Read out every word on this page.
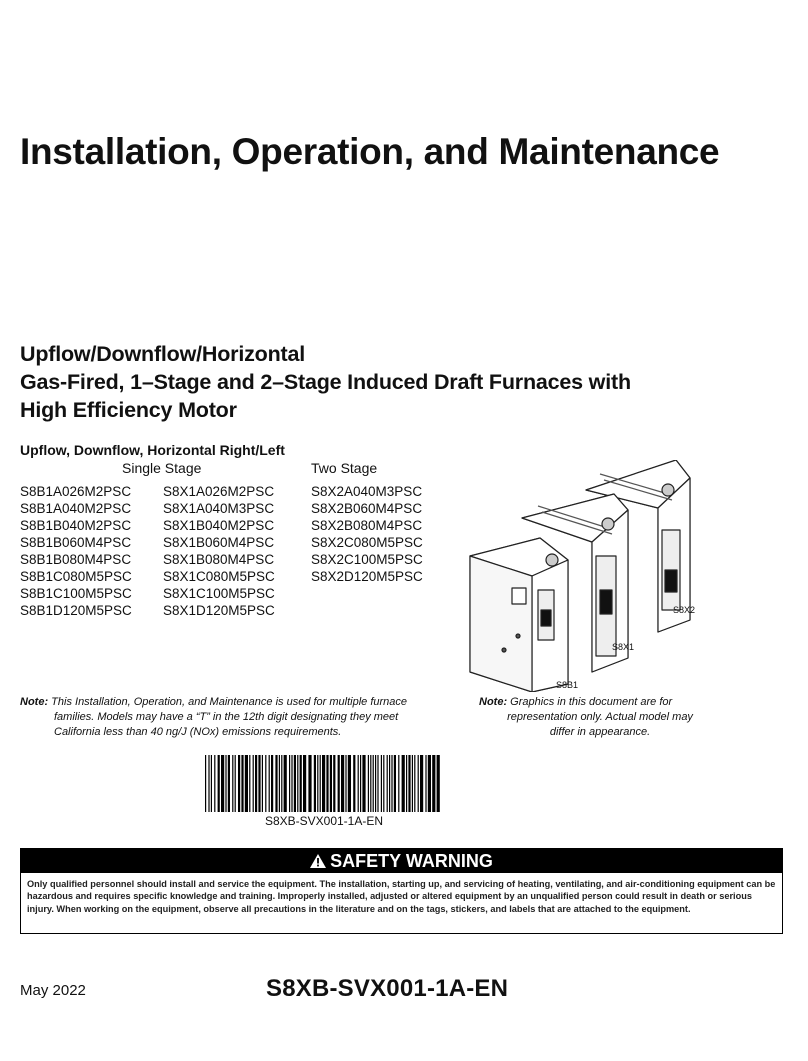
Installation, Operation, and Maintenance
Upflow/Downflow/Horizontal
Gas-Fired, 1–Stage and 2–Stage Induced Draft Furnaces with
High Efficiency Motor
Upflow, Downflow, Horizontal Right/Left
Single Stage	Two Stage
S8B1A026M2PSC
S8B1A040M2PSC
S8B1B040M2PSC
S8B1B060M4PSC
S8B1B080M4PSC
S8B1C080M5PSC
S8B1C100M5PSC
S8B1D120M5PSC
S8X1A026M2PSC
S8X1A040M3PSC
S8X1B040M2PSC
S8X1B060M4PSC
S8X1B080M4PSC
S8X1C080M5PSC
S8X1C100M5PSC
S8X1D120M5PSC
S8X2A040M3PSC
S8X2B060M4PSC
S8X2B080M4PSC
S8X2C080M5PSC
S8X2C100M5PSC
S8X2D120M5PSC
S8X2
S8X1
S8B1
Note: This Installation, Operation, and Maintenance is used for multiple furnace
families. Models may have a “T” in the 12th digit designating they meet
California less than 40 ng/J (NOx) emissions requirements.
Note: Graphics in this document are for
representation only. Actual model may
differ in appearance.
S8XB-SVX001-1A-EN
SAFETY WARNING
Only qualified personnel should install and service the equipment. The installation, starting up, and servicing of heating, ventilating, and air-conditioning equipment can be hazardous and requires specific knowledge and training. Improperly installed, adjusted or altered equipment by an unqualified person could result in death or serious injury. When working on the equipment, observe all precautions in the literature and on the tags, stickers, and labels that are attached to the equipment.
May 2022	S8XB-SVX001-1A-EN
